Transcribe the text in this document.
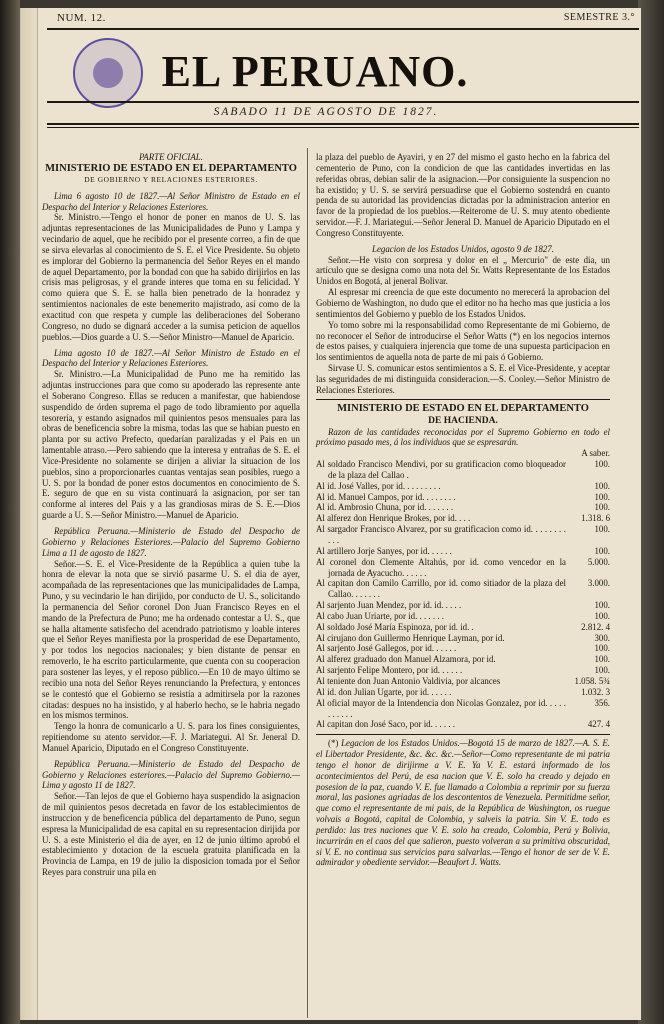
NUM. 12.	SEMESTRE 3.°
EL PERUANO.
SABADO 11 DE AGOSTO DE 1827.

PARTE OFICIAL.

MINISTERIO DE ESTADO EN EL DEPARTAMENTO

DE GOBIERNO Y RELACIONES ESTERIORES.

Lima 6 agosto 10 de 1827.—Al Señor Ministro de Estado en el Despacho del Interior y Relaciones Esteriores.

Sr. Ministro.—Tengo el honor de poner en manos de U. S. las adjuntas representaciones de las Municipalidades de Puno y Lampa y vecindario de aquel, que he recibido por el presente correo, a fin de que se sirva elevarlas al conocimiento de S. E. el Vice Presidente. Su objeto es implorar del Gobierno la permanencia del Señor Reyes en el mando de aquel Departamento, por la bondad con que ha sabido dirijirlos en las crisis mas peligrosas, y el grande interes que toma en su felicidad. Y como quiera que S. E. se halla bien penetrado de la honradez y sentimientos nacionales de este benemerito majistrado, así como de la exactitud con que respeta y cumple las deliberaciones del Soberano Congreso, no dudo se dignará acceder a la sumisa peticion de aquellos pueblos.—Dios guarde a U. S.—Señor Ministro—Manuel de Aparicio.

Lima agosto 10 de 1827.—Al Señor Ministro de Estado en el Despacho del Interior y Relaciones Esteriores.

Sr. Ministro.—La Municipalidad de Puno me ha remitido las adjuntas instrucciones para que como su apoderado las represente ante el Soberano Congreso. Ellas se reducen a manifestar, que habiendose suspendido de órden suprema el pago de todo libramiento por aquella tesorería, y estando asignados mil quinientos pesos mensuales para las obras de beneficencia sobre la misma, todas las que se habian puesto en planta por su activo Prefecto, quedarían paralizadas y el Pais en un lamentable atraso.—Pero sabiendo que la interesa y entrañas de S. E. el Vice-Presidente no solamente se dirijen a aliviar la situacion de los pueblos, sino a proporcionarles cuantas ventajas sean posibles, ruego a U. S. por la bondad de poner estos documentos en conocimiento de S. E. seguro de que en su vista continuará la asignacion, por ser tan conforme al interes del Pais y a las grandiosas miras de S. E.—Dios guarde a U. S.—Señor Ministro.—Manuel de Aparicio.

República Peruana.—Ministerio de Estado del Despacho de Gobierno y Relaciones Esteriores.—Palacio del Supremo Gobierno Lima a 11 de agosto de 1827.

Señor.—S. E. el Vice-Presidente de la República a quien tube la honra de elevar la nota que se sirvió pasarme U. S. el dia de ayer, acompañada de las representaciones que las municipalidades de Lampa, Puno, y su vecindario le han dirijido, por conducto de U. S., solicitando la permanencia del Señor coronel Don Juan Francisco Reyes en el mando de la Prefectura de Puno; me ha ordenado contestar a U. S., que se halla altamente satisfecho del acendrado patriotismo y loable interes que el Señor Reyes manifiesta por la prosperidad de ese Departamento, y por todos los negocios nacionales; y bien distante de pensar en removerlo, le ha escrito particularmente, que cuenta con su cooperacion para sostener las leyes, y el reposo público.—En 10 de mayo último se recibio una nota del Señor Reyes renunciando la Prefectura, y entonces se le contestó que el Gobierno se resistía a admitirsela por la razones citadas: despues no ha insistido, y al haberlo hecho, se le habria negado en los mismos terminos.

Tengo la honra de comunicarlo a U. S. para los fines consiguientes, repitiendome su atento servidor.—F. J. Mariategui. Al Sr. Jeneral D. Manuel Aparicio, Diputado en el Congreso Constituyente.

República Peruana.—Ministerio de Estado del Despacho de Gobierno y Relaciones esteriores.—Palacio del Supremo Gobierno.—Lima y agosto 11 de 1827.

Señor.—Tan lejos de que el Gobierno haya suspendido la asignacion de mil quinientos pesos decretada en favor de los establecimientos de instruccion y de beneficencia pública del departamento de Puno, segun espresa la Municipalidad de esa capital en su representacion dirijida por U. S. a este Ministerio el dia de ayer, en 12 de junio último aprobó el establecimiento y dotacion de la escuela gratuita planificada en la Provincia de Lampa, en 19 de julio la disposicion tomada por el Señor Reyes para construir una pila en

la plaza del pueblo de Ayaviri, y en 27 del mismo el gasto hecho en la fabrica del cementerio de Puno, con la condicion de que las cantidades invertidas en las referidas obras, debian salir de la asignacion.—Por consiguiente la suspencion no ha existido; y U. S. se servirá persuadirse que el Gobierno sostendrá en cuanto penda de su autoridad las providencias dictadas por la administracion anterior en favor de la propiedad de los pueblos.—Reiterome de U. S. muy atento obediente servidor.—F. J. Mariategui.—Señor Jeneral D. Manuel de Aparicio Diputado en el Congreso Constituyente.

Legacion de los Estados Unidos, agosto 9 de 1827.

Señor.—He visto con sorpresa y dolor en el „ Mercurio" de este dia, un artículo que se designa como una nota del Sr. Watts Representante de los Estados Unidos en Bogotá, al jeneral Bolivar.

Al espresar mi creencia de que este documento no merecerá la aprobacion del Gobierno de Washington, no dudo que el editor no ha hecho mas que justicia a los sentimientos del Gobierno y pueblo de los Estados Unidos.

Yo tomo sobre mi la responsabilidad como Representante de mi Gobierno, de no reconocer el Señor de introducirse el Señor Watts (*) en los negocios internos de estos paises, y cualquiera injerencia que tome de una supuesta participacion en los sentimientos de aquella nota de parte de mi pais ó Gobierno.

Sirvase U. S. comunicar estos sentimientos a S. E. el Vice-Presidente, y aceptar las seguridades de mi distinguida consideracion.—S. Cooley.—Señor Ministro de Relaciones Esteriores.

MINISTERIO DE ESTADO EN EL DEPARTAMENTO

DE HACIENDA.

Razon de las cantidades reconocidas por el Supremo Gobierno en todo el próximo pasado mes, á los individuos que se espresarán.

A saber.

Al soldado Francisco Mendivi, por su gratificacion como bloqueador de la plaza del Callao .
100.
Al id. José Valles, por id. . . . . . . . .	100.
Al id. Manuel Campos, por id. . . . . . . .	100.
Al id. Ambrosio Chuna, por id. . . . . . .	100.
Al alferez don Henrique Brokes, por id. . . .	1.318. 6
Al sargador Francisco Alvarez, por su gratificacion como id. . . . . . . . . . .
100.
Al artillero Jorje Sanyes, por id. . . . . .	100.
Al coronel don Clemente Altahús, por id. como vencedor en la jornada de Ayacucho. . . . . .
5.000.
Al capitan don Camilo Carrillo, por id. como sitiador de la plaza del Callao. . . . . . .
3.000.
Al sarjento Juan Mendez, por id. id. . . . .	100.
Al cabo Juan Uriarte, por id. . . . . . .	100.
Al soldado José María Espinoza, por id. id. .	2.812. 4
Al cirujano don Guillermo Henrique Layman, por id.	300.
Al sarjento José Gallegos, por id. . . . . .	100.
Al alferez graduado don Manuel Alzamora, por id.	100.
Al sarjento Felipe Montero, por id. . . . . .	100.
Al teniente don Juan Antonio Valdivia, por alcances	1.058. 5¾
Al id. don Julian Ugarte, por id. . . . . .	1.032. 3
Al oficial mayor de la Intendencia don Nicolas Gonzalez, por id. . . . . . . . . . .
356.
Al capitan don José Saco, por id. . . . . .	427. 4

(*) Legacion de los Estados Unidos.—Bogotá 15 de marzo de 1827.—A. S. E. el Libertador Presidente, &c. &c. &c.—Señor—Como representante de mi patria tengo el honor de dirijirme a V. E. Ya V. E. estará informado de los acontecimientos del Perú, de esa nacion que V. E. solo ha creado y dejado en posesion de la paz, cuando V. E. fue llamado a Colombia a reprimir por su fuerza moral, las pasiones agriadas de los descontentos de Venezuela. Permitidme señor, que como el representante de mi pais, de la República de Washington, os ruegue volvais a Bogotá, capital de Colombia, y salveis la patria. Sin V. E. todo es perdido: las tres naciones que V. E. solo ha creado, Colombia, Perú y Bolivia, incurrirán en el caos del que salieron, puesto volveran a su primitiva obscuridad, si V. E. no continua sus servicios para salvarlas.—Tengo el honor de ser de V. E. admirador y obediente servidor.—Beaufort J. Watts.
